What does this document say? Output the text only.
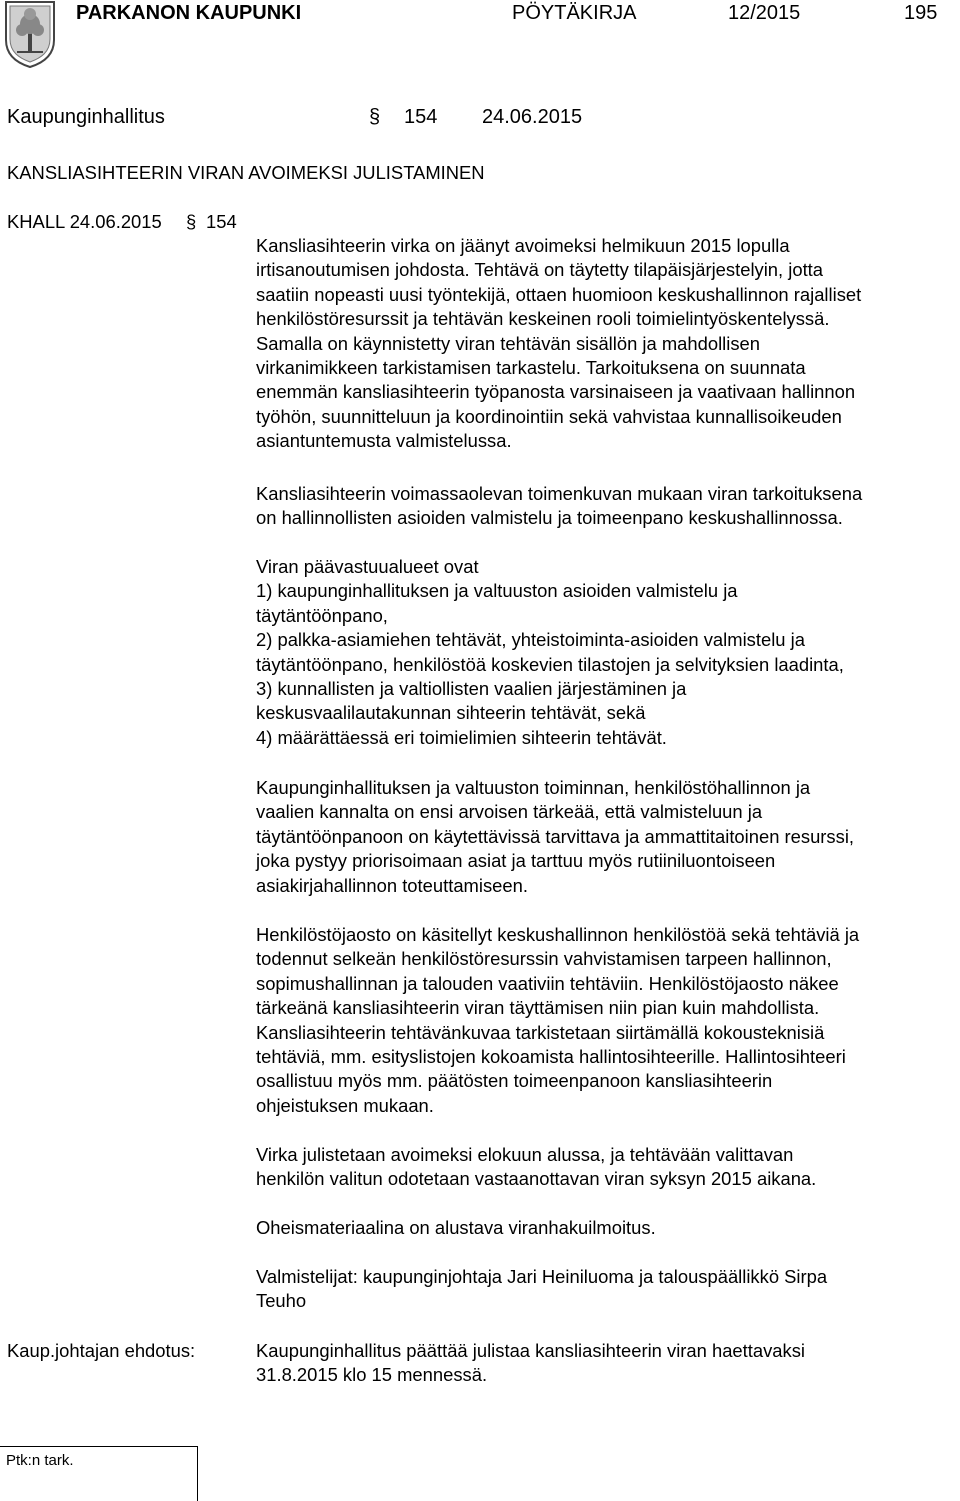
PARKANON KAUPUNKI	PÖYTÄKIRJA	12/2015	195
Kaupunginhallitus	§ 154 24.06.2015
KANSLIASIHTEERIN VIRAN AVOIMEKSI JULISTAMINEN
KHALL 24.06.2015 § 154

Kansliasihteerin virka on jäänyt avoimeksi helmikuun 2015 lopulla
irtisanoutumisen johdosta. Tehtävä on täytetty tilapäisjärjestelyin, jotta
saatiin nopeasti uusi työntekijä, ottaen huomioon keskushallinnon rajalliset
henkilöstöresurssit ja tehtävän keskeinen rooli toimielintyöskentelyssä.
Samalla on käynnistetty viran tehtävän sisällön ja mahdollisen
virkanimikkeen tarkistamisen tarkastelu. Tarkoituksena on suunnata
enemmän kansliasihteerin työpanosta varsinaiseen ja vaativaan hallinnon
työhön, suunnitteluun ja koordinointiin sekä vahvistaa kunnallisoikeuden
asiantuntemusta valmistelussa.

Kansliasihteerin voimassaolevan toimenkuvan mukaan viran tarkoituksena
on hallinnollisten asioiden valmistelu ja toimeenpano keskushallinnossa.

Viran päävastuualueet ovat
1) kaupunginhallituksen ja valtuuston asioiden valmistelu ja
täytäntöönpano,
2) palkka-asiamiehen tehtävät, yhteistoiminta-asioiden valmistelu ja
täytäntöönpano, henkilöstöä koskevien tilastojen ja selvityksien laadinta,
3) kunnallisten ja valtiollisten vaalien järjestäminen ja
keskusvaalilautakunnan sihteerin tehtävät, sekä
4) määrättäessä eri toimielimien sihteerin tehtävät.

Kaupunginhallituksen ja valtuuston toiminnan, henkilöstöhallinnon ja
vaalien kannalta on ensi arvoisen tärkeää, että valmisteluun ja
täytäntöönpanoon on käytettävissä tarvittava ja ammattitaitoinen resurssi,
joka pystyy priorisoimaan asiat ja tarttuu myös rutiiniluontoiseen
asiakirjahallinnon toteuttamiseen.

Henkilöstöjaosto on käsitellyt keskushallinnon henkilöstöä sekä tehtäviä ja
todennut selkeän henkilöstöresurssin vahvistamisen tarpeen hallinnon,
sopimushallinnan ja talouden vaativiin tehtäviin. Henkilöstöjaosto näkee
tärkeänä kansliasihteerin viran täyttämisen niin pian kuin mahdollista.
Kansliasihteerin tehtävänkuvaa tarkistetaan siirtämällä kokousteknisiä
tehtäviä, mm. esityslistojen kokoamista hallintosihteerille. Hallintosihteeri
osallistuu myös mm. päätösten toimeenpanoon kansliasihteerin
ohjeistuksen mukaan.

Virka julistetaan avoimeksi elokuun alussa, ja tehtävään valittavan
henkilön valitun odotetaan vastaanottavan viran syksyn 2015 aikana.

Oheismateriaalina on alustava viranhakuilmoitus.

Valmistelijat: kaupunginjohtaja Jari Heiniluoma ja talouspäällikkö Sirpa
Teuho

Kaup.johtajan ehdotus:	Kaupunginhallitus päättää julistaa kansliasihteerin viran haettavaksi
31.8.2015 klo 15 mennessä.

Ptk:n tark.
